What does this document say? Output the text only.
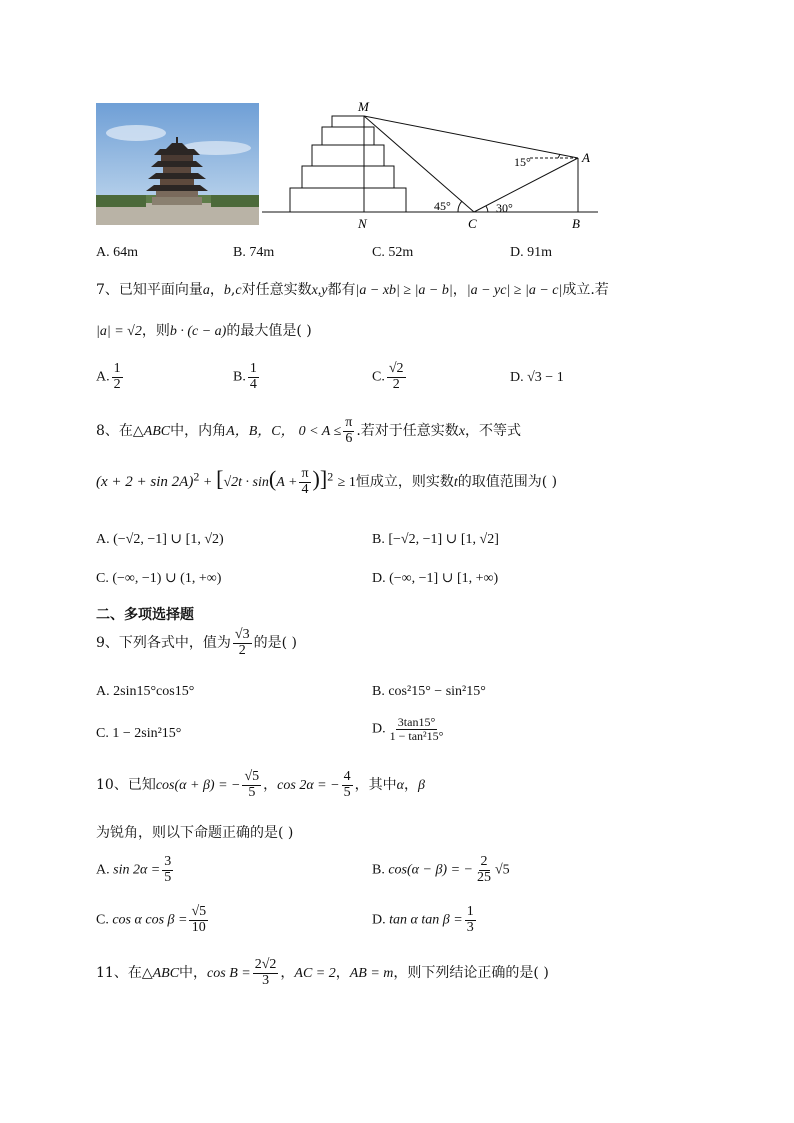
M
A
N	C	B
15°
45°	30°
A. 64m	B. 74m	C. 52m	D. 91m
7、已知平面向量a，b,c对任意实数x,y都有|a − xb| ≥ |a − b|，|a − yc| ≥ |a − c|成立.若
|a| = √2，则b · (c − a)的最大值是( )
A. $\frac{1}{2}$	B. $\frac{1}{4}$	C. $\frac{√2}{2}$	D. √3 − 1
8、在△ABC中，内角A，B，C， $0 < A \le \frac{\pi}{6}$ .若对于任意实数x，不等式
$(x + 2 + \sin 2A)^2 + [√2t \cdot \sin(A + \frac{\pi}{4} )]^2 \ge 1$恒成立，则实数t的取值范围为( )
A. (−√2, −1] ∪ [1, √2)	B. [−√2, −1] ∪ [1, √2]
C. (−∞, −1) ∪ (1, +∞)	D. (−∞, −1] ∪ [1, +∞)
二、多项选择题
9、下列各式中，值为 $\frac{√3}{2}$ 的是( )
A. 2sin15°cos15°	B. cos²15° − sin²15°
C. 1 − 2sin²15°	D. $\frac{3\tan 15^\circ}{\text{1 − tan²15°}}$
10、已知cos(α + β) = − $\frac{√5}{5}$ ，cos 2α = − $\frac{4}{5}$ ，其中α，β
为锐角，则以下命题正确的是( )
A. $\sin 2\alpha = \frac{3}{5}$	B. cos(α − β) = − $\frac{2}{25} √5$
C. cos α $\cos \beta = \frac{√5}{10}$	D. tan α $\tan \beta = \frac{1}{3}$
11、在△ABC中，$\cos B = \frac{2√2}{3}$ ，AC = 2，AB = m，则下列结论正确的是( )
